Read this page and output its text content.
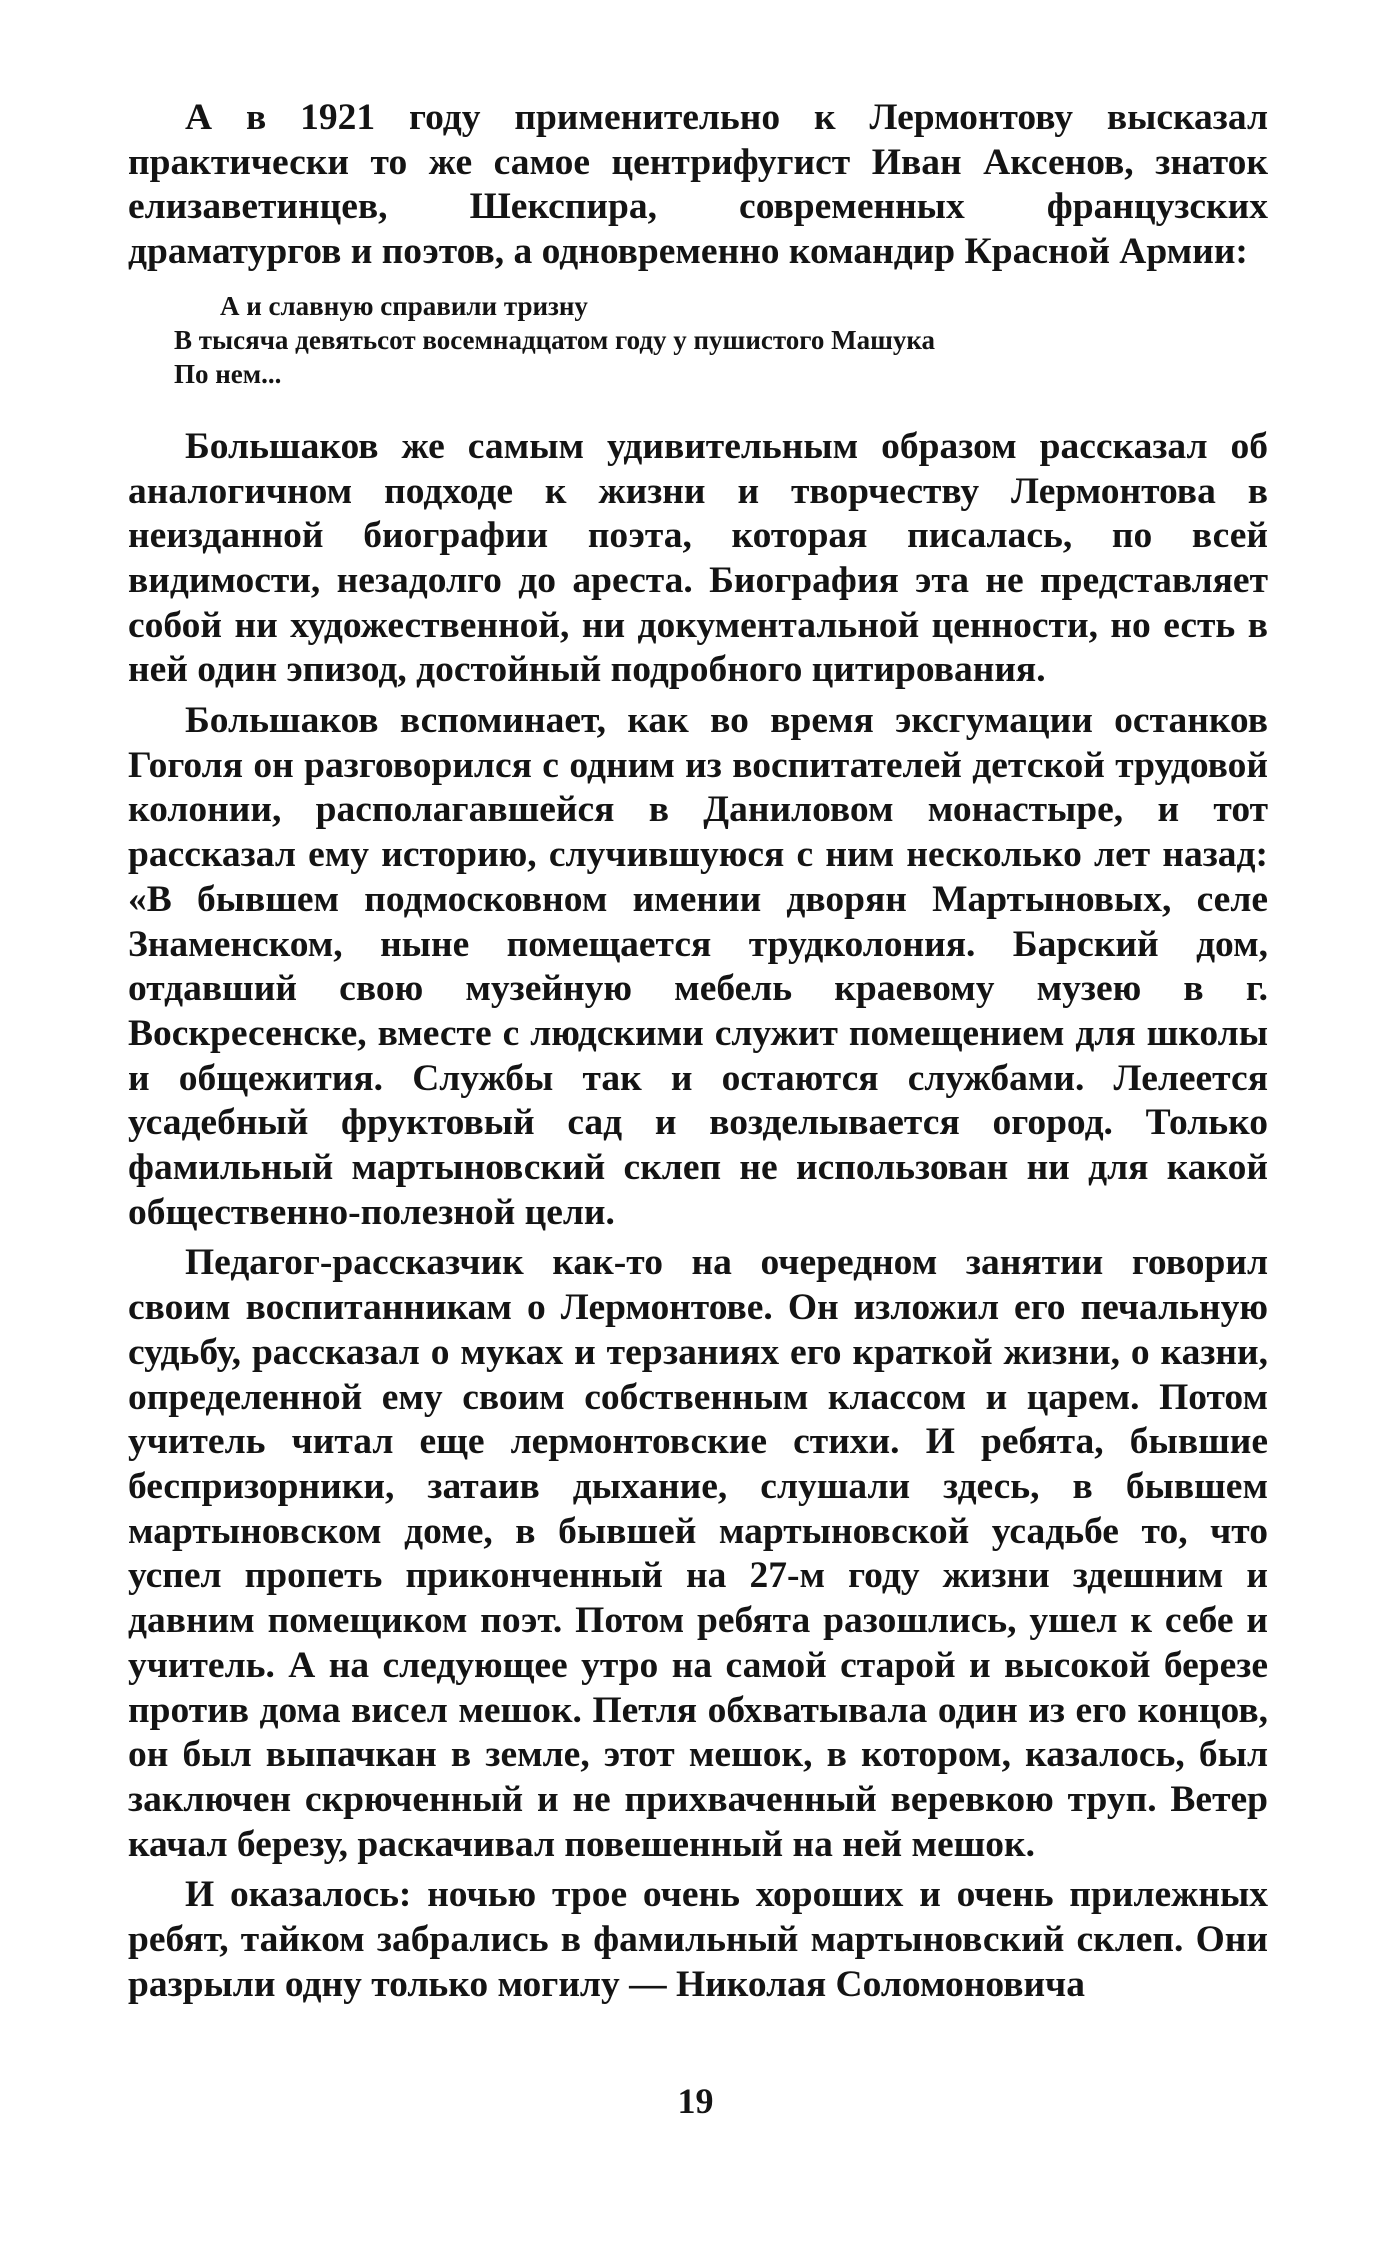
А в 1921 году применительно к Лермонтову высказал практически то же самое центрифугист Иван Аксенов, знаток елизаветинцев, Шекспира, современных французских драматургов и поэтов, а одновременно командир Красной Армии:

А и славную справили тризну
В тысяча девятьсот восемнадцатом году у пушистого Машука
По нем...

Большаков же самым удивительным образом рассказал об аналогичном подходе к жизни и творчеству Лермонтова в неизданной биографии поэта, которая писалась, по всей видимости, незадолго до ареста. Биография эта не представляет собой ни художественной, ни документальной ценности, но есть в ней один эпизод, достойный подробного цитирования.

Большаков вспоминает, как во время эксгумации останков Гоголя он разговорился с одним из воспитателей детской трудовой колонии, располагавшейся в Даниловом монастыре, и тот рассказал ему историю, случившуюся с ним несколько лет назад: «В бывшем подмосковном имении дворян Мартыновых, селе Знаменском, ныне помещается трудколония. Барский дом, отдавший свою музейную мебель краевому музею в г. Воскресенске, вместе с людскими служит помещением для школы и общежития. Службы так и остаются службами. Лелеется усадебный фруктовый сад и возделывается огород. Только фамильный мартыновский склеп не использован ни для какой общественно-полезной цели.

Педагог-рассказчик как-то на очередном занятии говорил своим воспитанникам о Лермонтове. Он изложил его печальную судьбу, рассказал о муках и терзаниях его краткой жизни, о казни, определенной ему своим собственным классом и царем. Потом учитель читал еще лермонтовские стихи. И ребята, бывшие беспризорники, затаив дыхание, слушали здесь, в бывшем мартыновском доме, в бывшей мартыновской усадьбе то, что успел пропеть приконченный на 27-м году жизни здешним и давним помещиком поэт. Потом ребята разошлись, ушел к себе и учитель. А на следующее утро на самой старой и высокой березе против дома висел мешок. Петля обхватывала один из его концов, он был выпачкан в земле, этот мешок, в котором, казалось, был заключен скрюченный и не прихваченный веревкою труп. Ветер качал березу, раскачивал повешенный на ней мешок.

И оказалось: ночью трое очень хороших и очень прилежных ребят, тайком забрались в фамильный мартыновский склеп. Они разрыли одну только могилу — Николая Соломоновича

19
